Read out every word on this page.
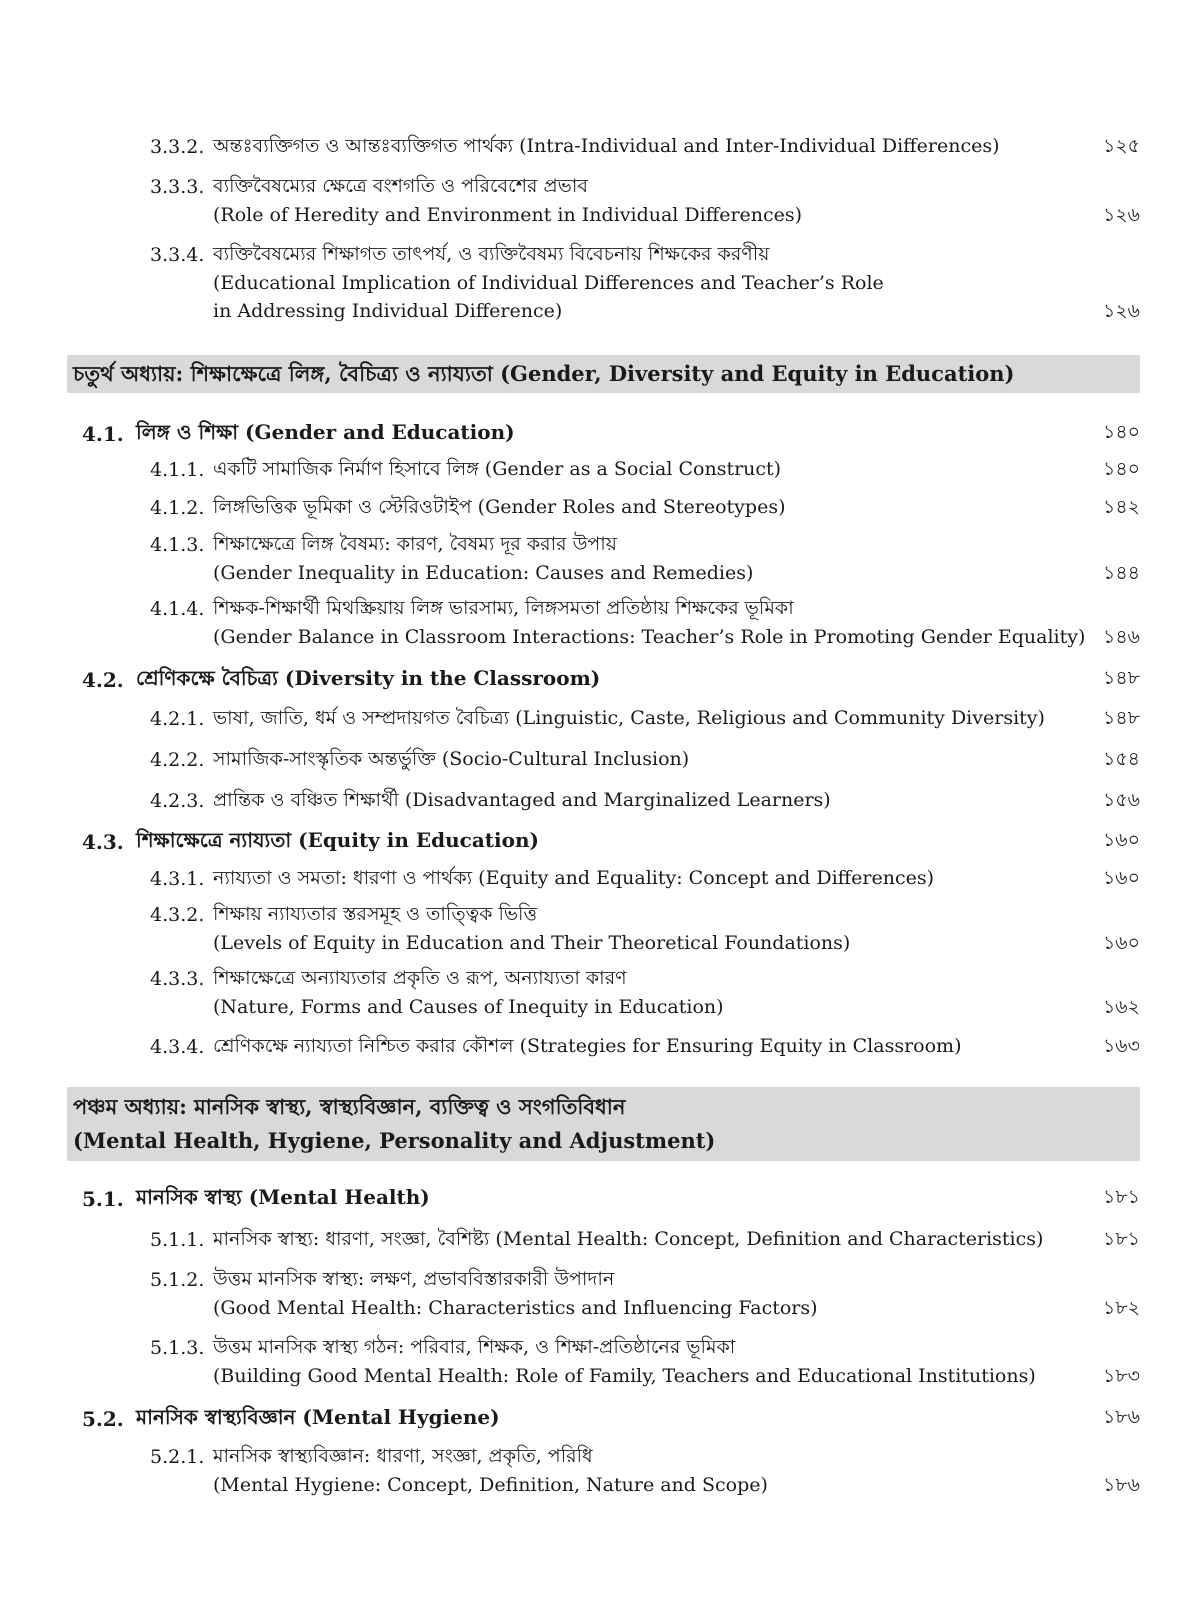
3.3.2. অন্তঃব্যক্তিগত ও আন্তঃব্যক্তিগত পার্থক্য (Intra-Individual and Inter-Individual Differences)	১২৫
3.3.3. ব্যক্তিবৈষম্যের ক্ষেত্রে বংশগতি ও পরিবেশের প্রভাব
(Role of Heredity and Environment in Individual Differences)	১২৬
3.3.4. ব্যক্তিবৈষম্যের শিক্ষাগত তাৎপর্য, ও ব্যক্তিবৈষম্য বিবেচনায় শিক্ষকের করণীয়
(Educational Implication of Individual Differences and Teacher’s Role
in Addressing Individual Difference)	১২৬
চতুর্থ অধ্যায়: শিক্ষাক্ষেত্রে লিঙ্গ, বৈচিত্র্য ও ন্যায্যতা (Gender, Diversity and Equity in Education)
4.1. লিঙ্গ ও শিক্ষা (Gender and Education)	১৪০
4.1.1. একটি সামাজিক নির্মাণ হিসাবে লিঙ্গ (Gender as a Social Construct)	১৪০
4.1.2. লিঙ্গভিত্তিক ভূমিকা ও স্টেরিওটাইপ (Gender Roles and Stereotypes)	১৪২
4.1.3. শিক্ষাক্ষেত্রে লিঙ্গ বৈষম্য: কারণ, বৈষম্য দূর করার উপায়
(Gender Inequality in Education: Causes and Remedies)	১৪৪
4.1.4. শিক্ষক-শিক্ষার্থী মিথস্ক্রিয়ায় লিঙ্গ ভারসাম্য, লিঙ্গসমতা প্রতিষ্ঠায় শিক্ষকের ভূমিকা
(Gender Balance in Classroom Interactions: Teacher’s Role in Promoting Gender Equality) ১৪৬
4.2. শ্রেণিকক্ষে বৈচিত্র্য (Diversity in the Classroom)	১৪৮
4.2.1. ভাষা, জাতি, ধর্ম ও সম্প্রদায়গত বৈচিত্র্য (Linguistic, Caste, Religious and Community Diversity)	১৪৮
4.2.2. সামাজিক-সাংস্কৃতিক অন্তর্ভুক্তি (Socio-Cultural Inclusion)	১৫৪
4.2.3. প্রান্তিক ও বঞ্চিত শিক্ষার্থী (Disadvantaged and Marginalized Learners)	১৫৬
4.3. শিক্ষাক্ষেত্রে ন্যায্যতা (Equity in Education)	১৬০
4.3.1. ন্যায্যতা ও সমতা: ধারণা ও পার্থক্য (Equity and Equality: Concept and Differences)	১৬০
4.3.2. শিক্ষায় ন্যায্যতার স্তরসমূহ ও তাত্ত্বিক ভিত্তি
(Levels of Equity in Education and Their Theoretical Foundations)	১৬০
4.3.3. শিক্ষাক্ষেত্রে অন্যায্যতার প্রকৃতি ও রূপ, অন্যায্যতা কারণ
(Nature, Forms and Causes of Inequity in Education)	১৬২
4.3.4. শ্রেণিকক্ষে ন্যায্যতা নিশ্চিত করার কৌশল (Strategies for Ensuring Equity in Classroom)	১৬৩
পঞ্চম অধ্যায়: মানসিক স্বাস্থ্য, স্বাস্থ্যবিজ্ঞান, ব্যক্তিত্ব ও সংগতিবিধান
(Mental Health, Hygiene, Personality and Adjustment)
5.1. মানসিক স্বাস্থ্য (Mental Health)	১৮১
5.1.1. মানসিক স্বাস্থ্য: ধারণা, সংজ্ঞা, বৈশিষ্ট্য (Mental Health: Concept, Definition and Characteristics)	১৮১
5.1.2. উত্তম মানসিক স্বাস্থ্য: লক্ষণ, প্রভাববিস্তারকারী উপাদান
(Good Mental Health: Characteristics and Influencing Factors)	১৮২
5.1.3. উত্তম মানসিক স্বাস্থ্য গঠন: পরিবার, শিক্ষক, ও শিক্ষা-প্রতিষ্ঠানের ভূমিকা
(Building Good Mental Health: Role of Family, Teachers and Educational Institutions)	১৮৩
5.2. মানসিক স্বাস্থ্যবিজ্ঞান (Mental Hygiene)	১৮৬
5.2.1. মানসিক স্বাস্থ্যবিজ্ঞান: ধারণা, সংজ্ঞা, প্রকৃতি, পরিধি
(Mental Hygiene: Concept, Definition, Nature and Scope)	১৮৬
